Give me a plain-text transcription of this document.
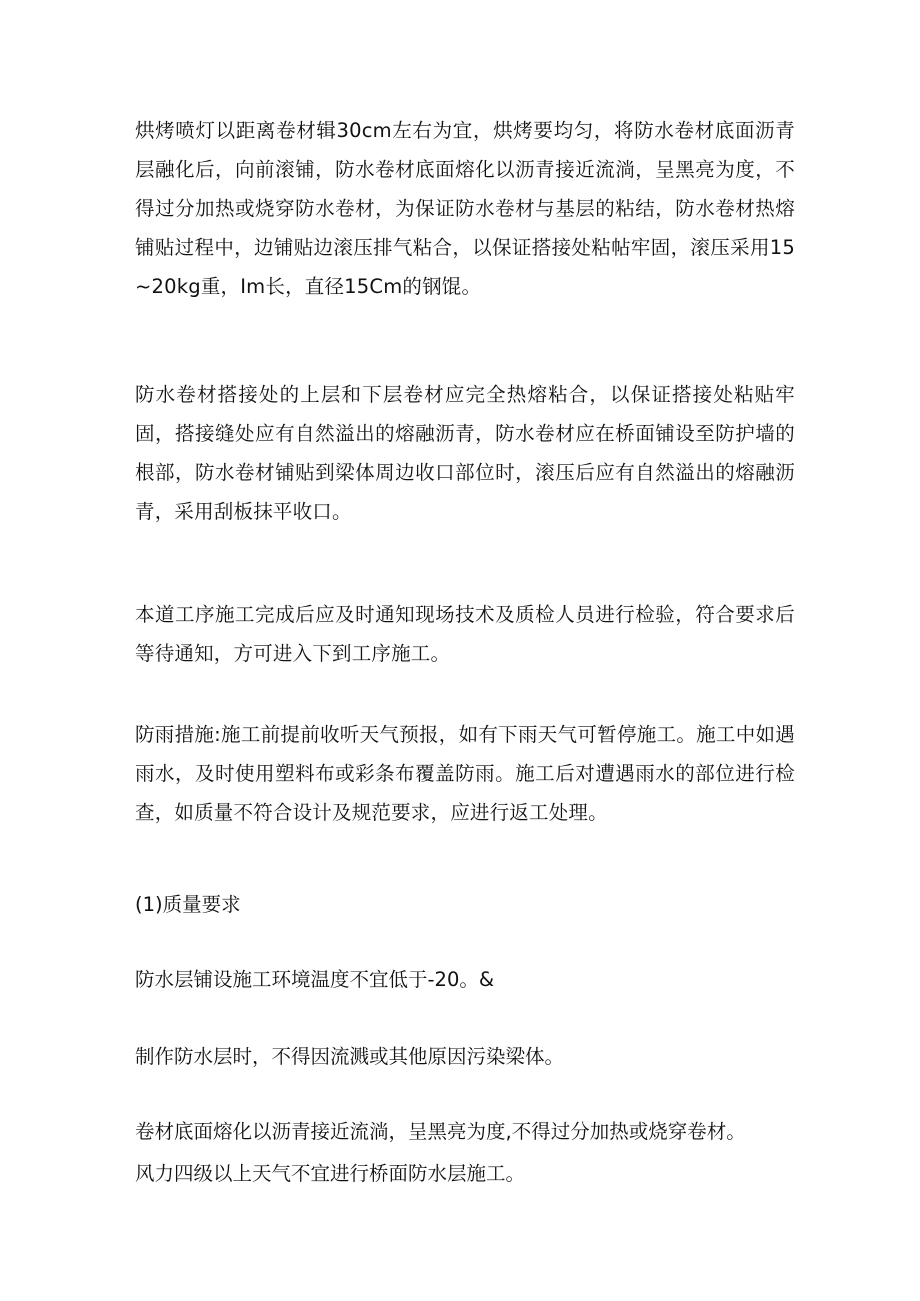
烘烤喷灯以距离卷材辑30cm左右为宜，烘烤要均匀，将防水卷材底面沥青层融化后，向前滚铺，防水卷材底面熔化以沥青接近流淌，呈黑亮为度，不得过分加热或烧穿防水卷材，为保证防水卷材与基层的粘结，防水卷材热熔铺贴过程中，边铺贴边滚压排气粘合，以保证搭接处粘帖牢固，滚压采用15~20kg重，Im长，直径15Cm的钢馄。

防水卷材搭接处的上层和下层卷材应完全热熔粘合，以保证搭接处粘贴牢固，搭接缝处应有自然溢出的熔融沥青，防水卷材应在桥面铺设至防护墙的根部，防水卷材铺贴到梁体周边收口部位时，滚压后应有自然溢出的熔融沥青，采用刮板抹平收口。

本道工序施工完成后应及时通知现场技术及质检人员进行检验，符合要求后等待通知，方可进入下到工序施工。

防雨措施:施工前提前收听天气预报，如有下雨天气可暂停施工。施工中如遇雨水，及时使用塑料布或彩条布覆盖防雨。施工后对遭遇雨水的部位进行检查，如质量不符合设计及规范要求，应进行返工处理。

(1)质量要求

防水层铺设施工环境温度不宜低于-20。&

制作防水层时，不得因流溅或其他原因污染梁体。

卷材底面熔化以沥青接近流淌，呈黑亮为度,不得过分加热或烧穿卷材。

风力四级以上天气不宜进行桥面防水层施工。
